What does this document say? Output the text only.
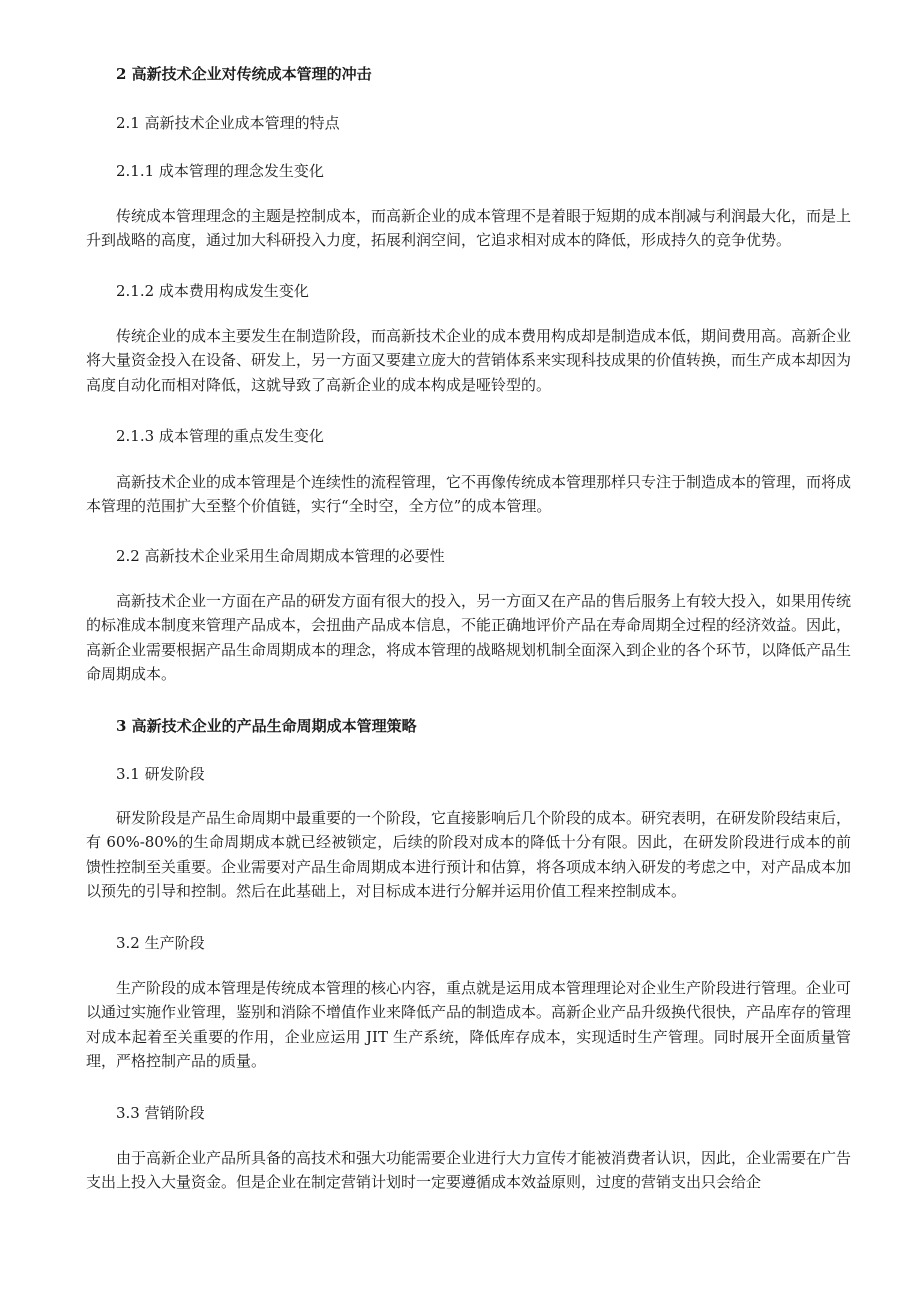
2 高新技术企业对传统成本管理的冲击
2.1 高新技术企业成本管理的特点
2.1.1 成本管理的理念发生变化

传统成本管理理念的主题是控制成本，而高新企业的成本管理不是着眼于短期的成本削减与利润最大化，而是上升到战略的高度，通过加大科研投入力度，拓展利润空间，它追求相对成本的降低，形成持久的竞争优势。

2.1.2 成本费用构成发生变化

传统企业的成本主要发生在制造阶段，而高新技术企业的成本费用构成却是制造成本低，期间费用高。高新企业将大量资金投入在设备、研发上，另一方面又要建立庞大的营销体系来实现科技成果的价值转换，而生产成本却因为高度自动化而相对降低，这就导致了高新企业的成本构成是哑铃型的。

2.1.3 成本管理的重点发生变化

高新技术企业的成本管理是个连续性的流程管理，它不再像传统成本管理那样只专注于制造成本的管理，而将成本管理的范围扩大至整个价值链，实行“全时空，全方位”的成本管理。

2.2 高新技术企业采用生命周期成本管理的必要性

高新技术企业一方面在产品的研发方面有很大的投入，另一方面又在产品的售后服务上有较大投入，如果用传统的标准成本制度来管理产品成本，会扭曲产品成本信息，不能正确地评价产品在寿命周期全过程的经济效益。因此，高新企业需要根据产品生命周期成本的理念，将成本管理的战略规划机制全面深入到企业的各个环节，以降低产品生命周期成本。

3 高新技术企业的产品生命周期成本管理策略
3.1 研发阶段

研发阶段是产品生命周期中最重要的一个阶段，它直接影响后几个阶段的成本。研究表明，在研发阶段结束后，有 60%-80%的生命周期成本就已经被锁定，后续的阶段对成本的降低十分有限。因此，在研发阶段进行成本的前馈性控制至关重要。企业需要对产品生命周期成本进行预计和估算，将各项成本纳入研发的考虑之中，对产品成本加以预先的引导和控制。然后在此基础上，对目标成本进行分解并运用价值工程来控制成本。

3.2 生产阶段

生产阶段的成本管理是传统成本管理的核心内容，重点就是运用成本管理理论对企业生产阶段进行管理。企业可以通过实施作业管理，鉴别和消除不增值作业来降低产品的制造成本。高新企业产品升级换代很快，产品库存的管理对成本起着至关重要的作用，企业应运用 JIT 生产系统，降低库存成本，实现适时生产管理。同时展开全面质量管理，严格控制产品的质量。

3.3 营销阶段

由于高新企业产品所具备的高技术和强大功能需要企业进行大力宣传才能被消费者认识，因此，企业需要在广告支出上投入大量资金。但是企业在制定营销计划时一定要遵循成本效益原则，过度的营销支出只会给企
